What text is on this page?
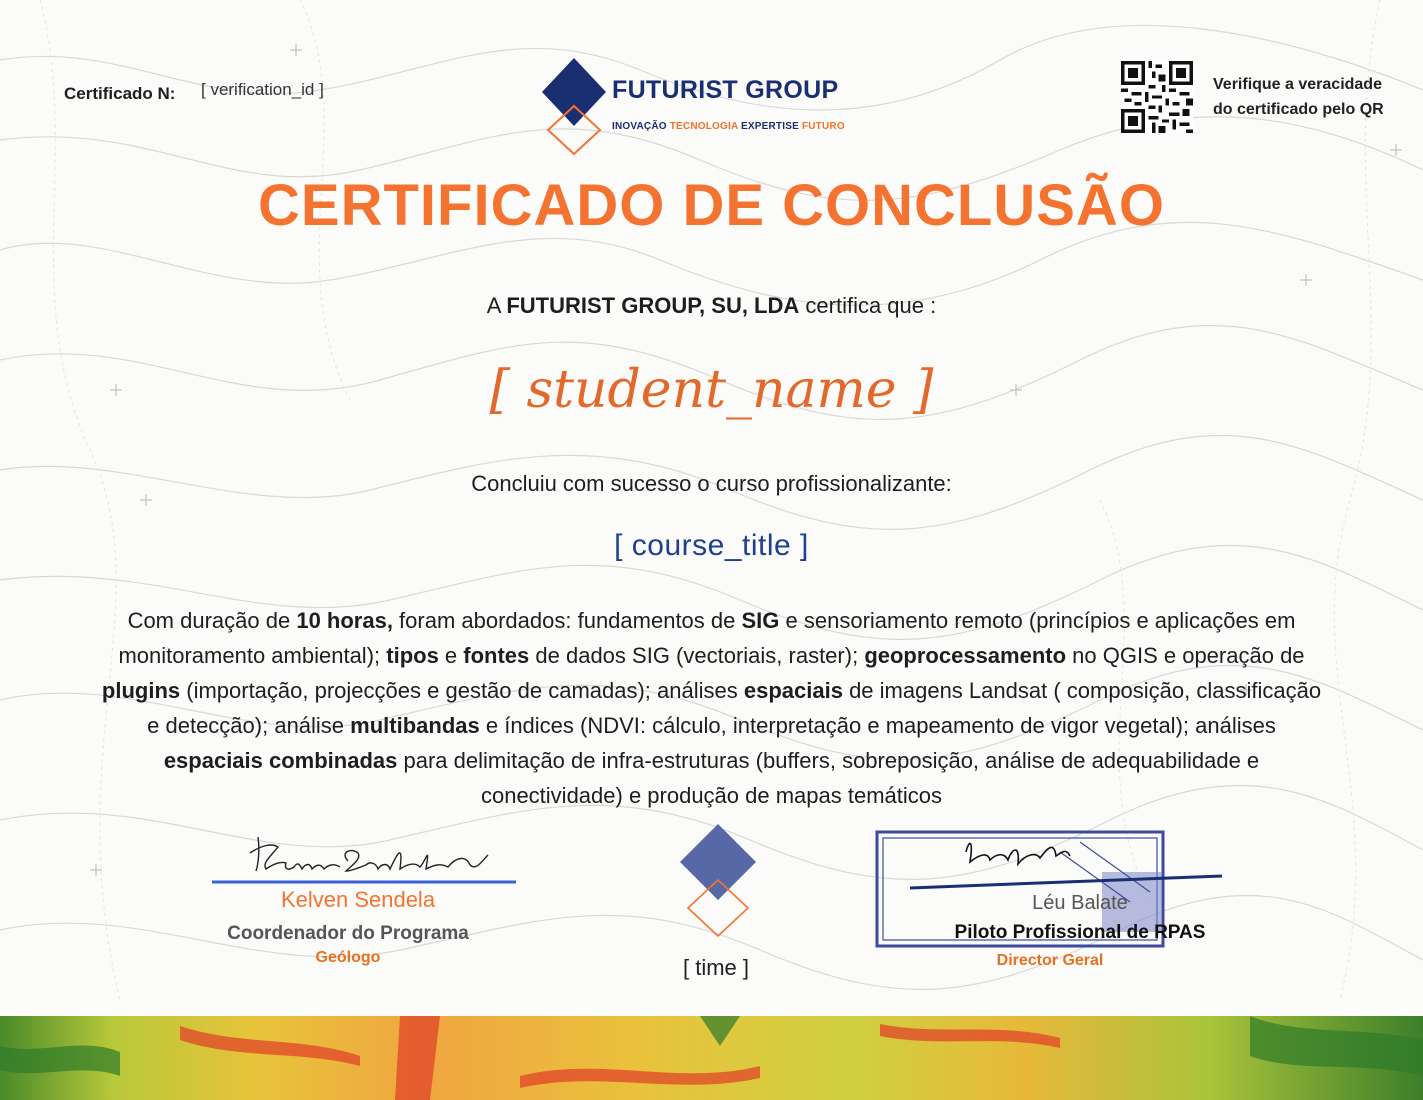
Certificado N: [ verification_id ]	FUTURIST GROUP
INOVAÇÃO TECNOLOGIA EXPERTISE FUTURO
Verifique a veracidade
do certificado pelo QR
CERTIFICADO DE CONCLUSÃO
A FUTURIST GROUP, SU, LDA certifica que :
[ student_name ]
Concluiu com sucesso o curso profissionalizante:
[ course_title ]
Com duração de 10 horas, foram abordados: fundamentos de SIG e sensoriamento remoto (princípios e aplicações em monitoramento ambiental); tipos e fontes de dados SIG (vectoriais, raster); geoprocessamento no QGIS e operação de plugins (importação, projecções e gestão de camadas); análises espaciais de imagens Landsat ( composição, classificação e detecção); análise multibandas e índices (NDVI: cálculo, interpretação e mapeamento de vigor vegetal); análises espaciais combinadas para delimitação de infra-estruturas (buffers, sobreposição, análise de adequabilidade e conectividade) e produção de mapas temáticos
Kelven Sendela
Coordenador do Programa
Geólogo	[ time ]
Léu Balate
Piloto Profissional de RPAS
Director Geral
